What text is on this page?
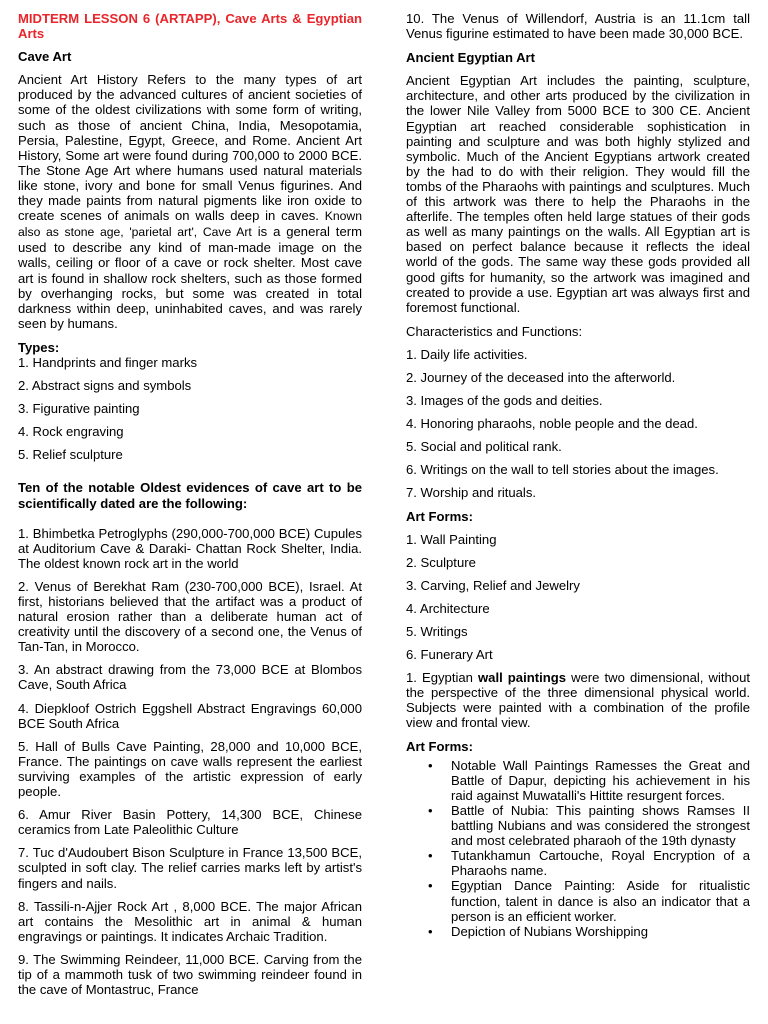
MIDTERM LESSON 6 (ARTAPP), Cave Arts & Egyptian Arts

Cave Art

Ancient Art History Refers to the many types of art produced by the advanced cultures of ancient societies of some of the oldest civilizations with some form of writing, such as those of ancient China, India, Mesopotamia, Persia, Palestine, Egypt, Greece, and Rome. Ancient Art History, Some art were found during 700,000 to 2000 BCE. The Stone Age Art where humans used natural materials like stone, ivory and bone for small Venus figurines. And they made paints from natural pigments like iron oxide to create scenes of animals on walls deep in caves. Known also as stone age, 'parietal art', Cave Art is a general term used to describe any kind of man-made image on the walls, ceiling or floor of a cave or rock shelter. Most cave art is found in shallow rock shelters, such as those formed by overhanging rocks, but some was created in total darkness within deep, uninhabited caves, and was rarely seen by humans.

Types:

1. Handprints and finger marks

2. Abstract signs and symbols

3. Figurative painting

4. Rock engraving

5. Relief sculpture

Ten of the notable Oldest evidences of cave art to be scientifically dated are the following:

1. Bhimbetka Petroglyphs (290,000-700,000 BCE) Cupules at Auditorium Cave & Daraki- Chattan Rock Shelter, India. The oldest known rock art in the world

2. Venus of Berekhat Ram (230-700,000 BCE), Israel. At first, historians believed that the artifact was a product of natural erosion rather than a deliberate human act of creativity until the discovery of a second one, the Venus of Tan-Tan, in Morocco.

3. An abstract drawing from the 73,000 BCE at Blombos Cave, South Africa

4. Diepkloof Ostrich Eggshell Abstract Engravings 60,000 BCE South Africa

5. Hall of Bulls Cave Painting, 28,000 and 10,000 BCE, France. The paintings on cave walls represent the earliest surviving examples of the artistic expression of early people.

6. Amur River Basin Pottery, 14,300 BCE, Chinese ceramics from Late Paleolithic Culture

7. Tuc d'Audoubert Bison Sculpture in France 13,500 BCE, sculpted in soft clay. The relief carries marks left by artist's fingers and nails.

8. Tassili-n-Ajjer Rock Art , 8,000 BCE. The major African art contains the Mesolithic art in animal & human engravings or paintings. It indicates Archaic Tradition.

9. The Swimming Reindeer, 11,000 BCE. Carving from the tip of a mammoth tusk of two swimming reindeer found in the cave of Montastruc, France

10. The Venus of Willendorf, Austria is an 11.1cm tall Venus figurine estimated to have been made 30,000 BCE.

Ancient Egyptian Art

Ancient Egyptian Art includes the painting, sculpture, architecture, and other arts produced by the civilization in the lower Nile Valley from 5000 BCE to 300 CE. Ancient Egyptian art reached considerable sophistication in painting and sculpture and was both highly stylized and symbolic. Much of the Ancient Egyptians artwork created by the had to do with their religion. They would fill the tombs of the Pharaohs with paintings and sculptures. Much of this artwork was there to help the Pharaohs in the afterlife. The temples often held large statues of their gods as well as many paintings on the walls. All Egyptian art is based on perfect balance because it reflects the ideal world of the gods. The same way these gods provided all good gifts for humanity, so the artwork was imagined and created to provide a use. Egyptian art was always first and foremost functional.

Characteristics and Functions:

1. Daily life activities.

2. Journey of the deceased into the afterworld.

3. Images of the gods and deities.

4. Honoring pharaohs, noble people and the dead.

5. Social and political rank.

6. Writings on the wall to tell stories about the images.

7. Worship and rituals.

Art Forms:

1. Wall Painting

2. Sculpture

3. Carving, Relief and Jewelry

4. Architecture

5. Writings

6. Funerary Art

1. Egyptian wall paintings were two dimensional, without the perspective of the three dimensional physical world. Subjects were painted with a combination of the profile view and frontal view.

Art Forms:

• Notable Wall Paintings Ramesses the Great and Battle of Dapur, depicting his achievement in his raid against Muwatalli's Hittite resurgent forces.
• Battle of Nubia: This painting shows Ramses II battling Nubians and was considered the strongest and most celebrated pharaoh of the 19th dynasty
• Tutankhamun Cartouche, Royal Encryption of a Pharaohs name.
• Egyptian Dance Painting: Aside for ritualistic function, talent in dance is also an indicator that a person is an efficient worker.
• Depiction of Nubians Worshipping
